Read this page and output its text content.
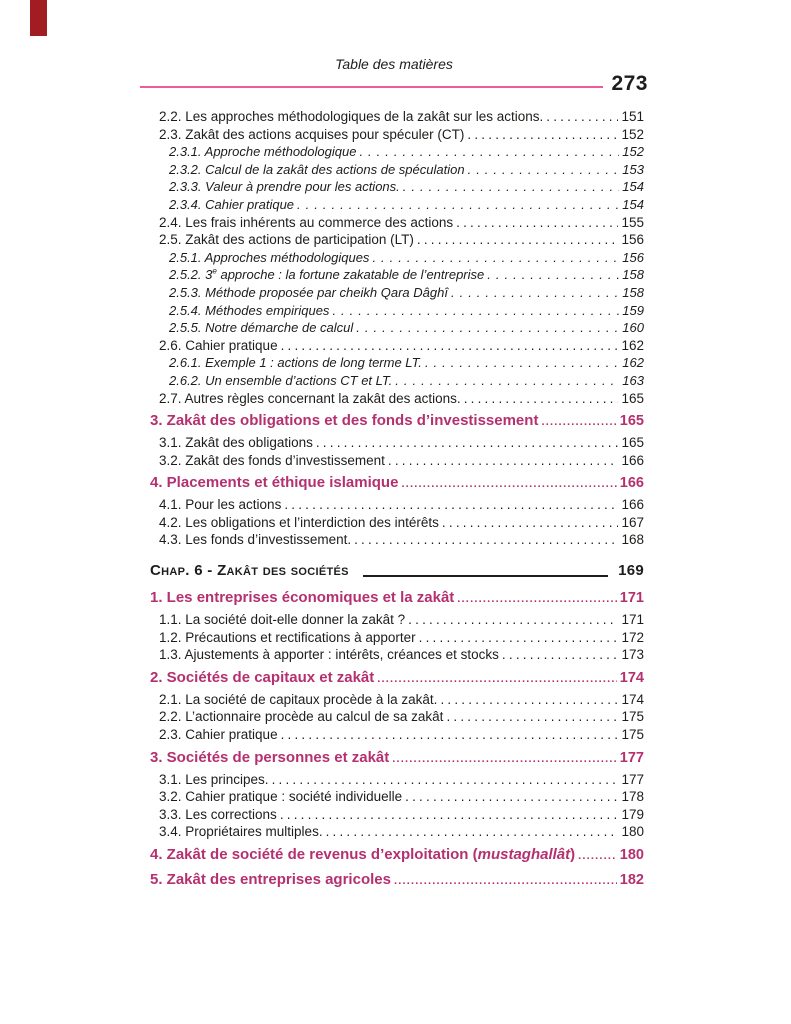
Table des matières
273
2.2. Les approches méthodologiques de la zakât sur les actions. .....	151
2.3. Zakât des actions acquises pour spéculer (CT) .....	152
2.3.1. Approche méthodologique .....	152
2.3.2. Calcul de la zakât des actions de spéculation .....	153
2.3.3. Valeur à prendre pour les actions. .....	154
2.3.4. Cahier pratique .....	154
2.4. Les frais inhérents au commerce des actions .....	155
2.5. Zakât des actions de participation (LT) .....	156
2.5.1. Approches méthodologiques .....	156
2.5.2. 3e approche : la fortune zakatable de l’entreprise .....	158
2.5.3. Méthode proposée par cheikh Qara Dâghî .....	158
2.5.4. Méthodes empiriques .....	159
2.5.5. Notre démarche de calcul .....	160
2.6. Cahier pratique .....	162
2.6.1. Exemple 1 : actions de long terme LT. .....	162
2.6.2. Un ensemble d’actions CT et LT. .....	163
2.7. Autres règles concernant la zakât des actions. .....	165
3. Zakât des obligations et des fonds d’investissement .....	165
3.1. Zakât des obligations .....	165
3.2. Zakât des fonds d’investissement .....	166
4. Placements et éthique islamique .....	166
4.1. Pour les actions .....	166
4.2. Les obligations et l’interdiction des intérêts .....	167
4.3. Les fonds d’investissement. .....	168
Chap. 6 - Zakât des sociétés	169
1. Les entreprises économiques et la zakât .....	171
1.1. La société doit-elle donner la zakât ? .....	171
1.2. Précautions et rectifications à apporter .....	172
1.3. Ajustements à apporter : intérêts, créances et stocks .....	173
2. Sociétés de capitaux et zakât .....	174
2.1. La société de capitaux procède à la zakât. .....	174
2.2. L’actionnaire procède au calcul de sa zakât .....	175
2.3. Cahier pratique .....	175
3. Sociétés de personnes et zakât .....	177
3.1. Les principes. .....	177
3.2. Cahier pratique : société individuelle .....	178
3.3. Les corrections .....	179
3.4. Propriétaires multiples. .....	180
4. Zakât de société de revenus d’exploitation (mustaghallât) .....	180
5. Zakât des entreprises agricoles .....	182
